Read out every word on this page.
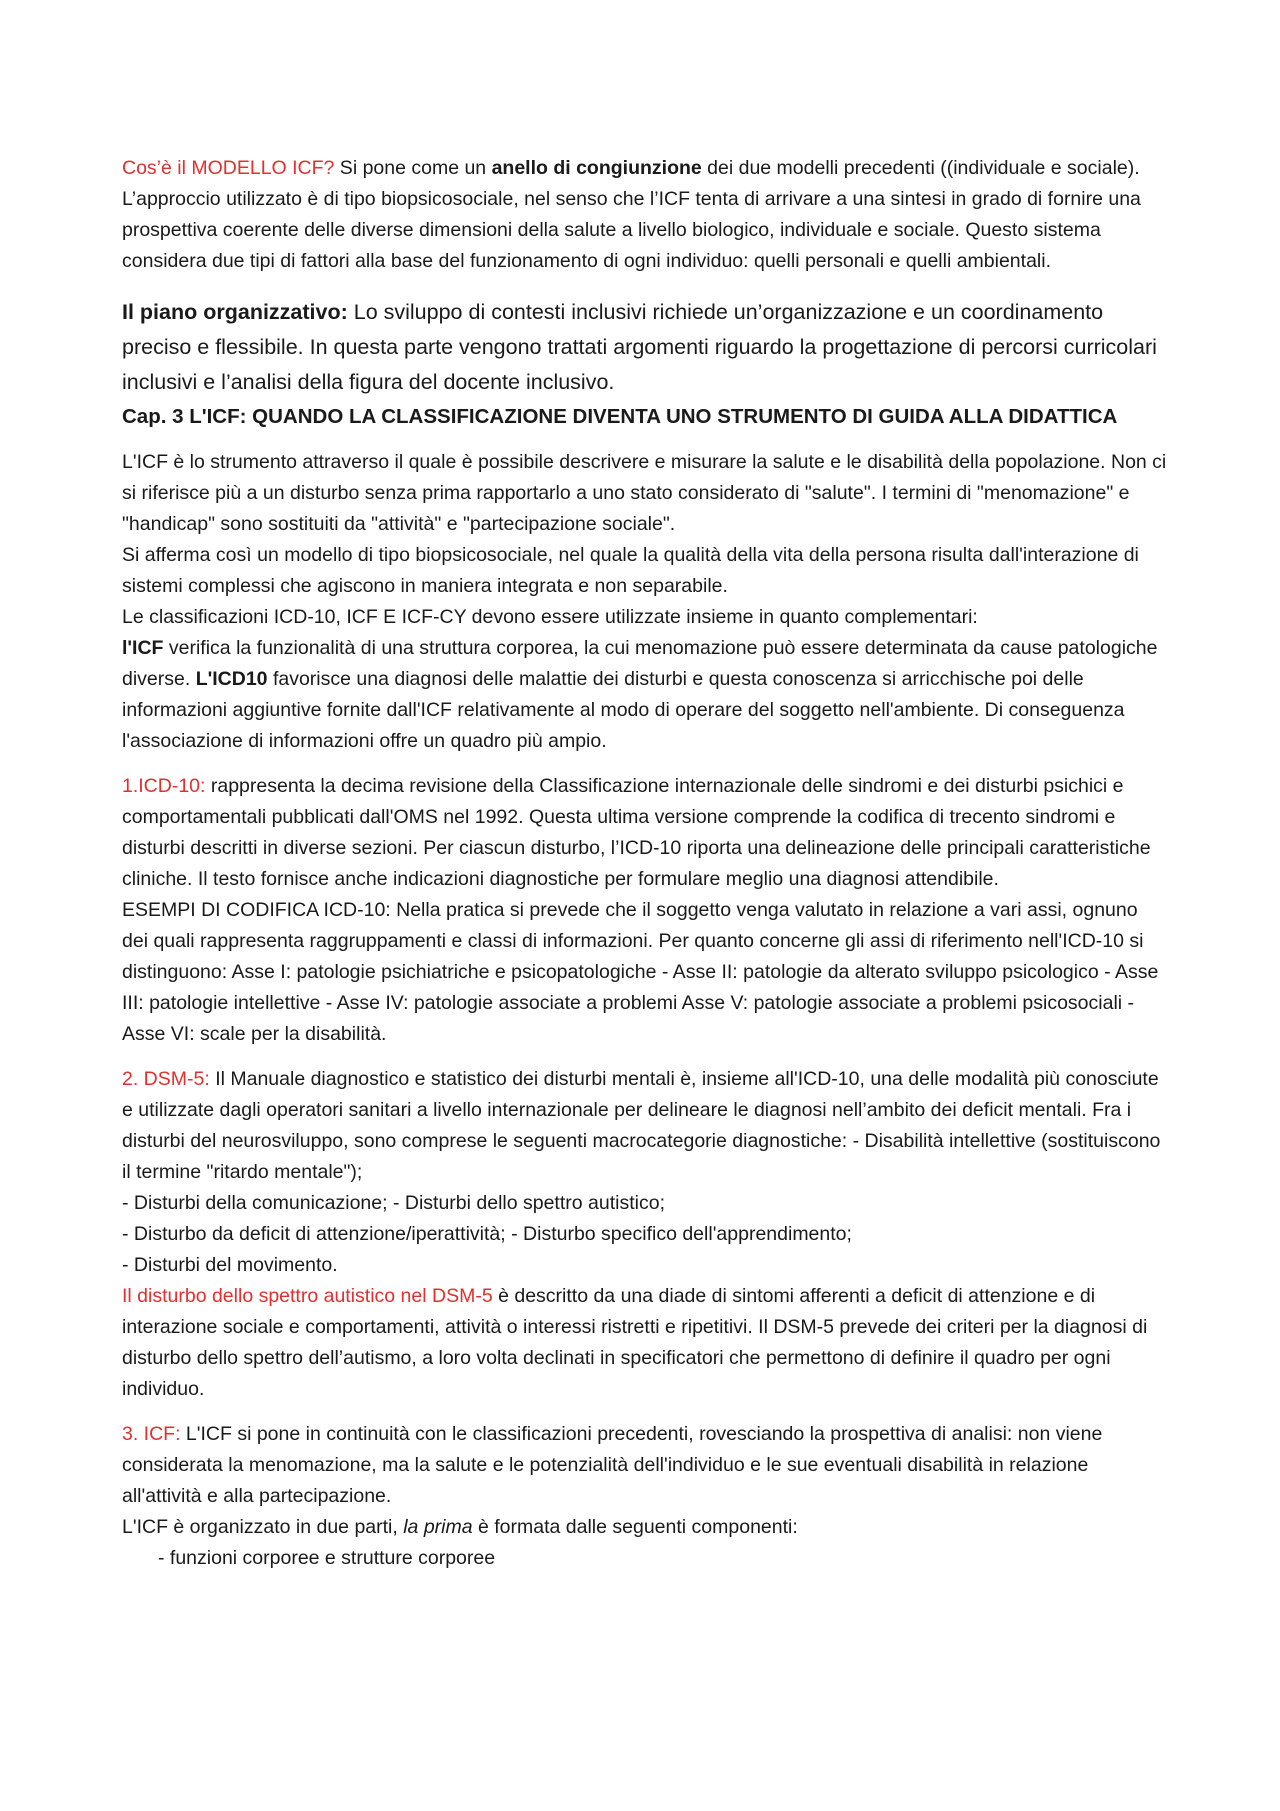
Cos’è il MODELLO ICF? Si pone come un anello di congiunzione dei due modelli precedenti ((individuale e sociale). L’approccio utilizzato è di tipo biopsicosociale, nel senso che l’ICF tenta di arrivare a una sintesi in grado di fornire una prospettiva coerente delle diverse dimensioni della salute a livello biologico, individuale e sociale. Questo sistema considera due tipi di fattori alla base del funzionamento di ogni individuo: quelli personali e quelli ambientali.

Il piano organizzativo: Lo sviluppo di contesti inclusivi richiede un’organizzazione e un coordinamento preciso e flessibile. In questa parte vengono trattati argomenti riguardo la progettazione di percorsi curricolari inclusivi e l’analisi della figura del docente inclusivo.

Cap. 3 L'ICF: QUANDO LA CLASSIFICAZIONE DIVENTA UNO STRUMENTO DI GUIDA ALLA DIDATTICA

L'ICF è lo strumento attraverso il quale è possibile descrivere e misurare la salute e le disabilità della popolazione. Non ci si riferisce più a un disturbo senza prima rapportarlo a uno stato considerato di "salute". I termini di "menomazione" e "handicap" sono sostituiti da "attività" e "partecipazione sociale".

Si afferma così un modello di tipo biopsicosociale, nel quale la qualità della vita della persona risulta dall'interazione di sistemi complessi che agiscono in maniera integrata e non separabile.

Le classificazioni ICD-10, ICF E ICF-CY devono essere utilizzate insieme in quanto complementari:

l'ICF verifica la funzionalità di una struttura corporea, la cui menomazione può essere determinata da cause patologiche diverse. L'ICD10 favorisce una diagnosi delle malattie dei disturbi e questa conoscenza si arricchische poi delle informazioni aggiuntive fornite dall'ICF relativamente al modo di operare del soggetto nell'ambiente. Di conseguenza l'associazione di informazioni offre un quadro più ampio.

1.ICD-10: rappresenta la decima revisione della Classificazione internazionale delle sindromi e dei disturbi psichici e comportamentali pubblicati dall'OMS nel 1992. Questa ultima versione comprende la codifica di trecento sindromi e disturbi descritti in diverse sezioni. Per ciascun disturbo, l’ICD-10 riporta una delineazione delle principali caratteristiche cliniche. Il testo fornisce anche indicazioni diagnostiche per formulare meglio una diagnosi attendibile.

ESEMPI DI CODIFICA ICD-10: Nella pratica si prevede che il soggetto venga valutato in relazione a vari assi, ognuno dei quali rappresenta raggruppamenti e classi di informazioni. Per quanto concerne gli assi di riferimento nell'ICD-10 si distinguono: Asse I: patologie psichiatriche e psicopatologiche - Asse II: patologie da alterato sviluppo psicologico - Asse III: patologie intellettive - Asse IV: patologie associate a problemi Asse V: patologie associate a problemi psicosociali - Asse VI: scale per la disabilità.

2. DSM-5: Il Manuale diagnostico e statistico dei disturbi mentali è, insieme all'ICD-10, una delle modalità più conosciute e utilizzate dagli operatori sanitari a livello internazionale per delineare le diagnosi nell’ambito dei deficit mentali. Fra i disturbi del neurosviluppo, sono comprese le seguenti macrocategorie diagnostiche: - Disabilità intellettive (sostituiscono il termine "ritardo mentale");

- Disturbi della comunicazione; - Disturbi dello spettro autistico;

- Disturbo da deficit di attenzione/iperattività; - Disturbo specifico dell'apprendimento;

- Disturbi del movimento.

Il disturbo dello spettro autistico nel DSM-5 è descritto da una diade di sintomi afferenti a deficit di attenzione e di interazione sociale e comportamenti, attività o interessi ristretti e ripetitivi. Il DSM-5 prevede dei criteri per la diagnosi di disturbo dello spettro dell’autismo, a loro volta declinati in specificatori che permettono di definire il quadro per ogni individuo.

3. ICF: L'ICF si pone in continuità con le classificazioni precedenti, rovesciando la prospettiva di analisi: non viene considerata la menomazione, ma la salute e le potenzialità dell'individuo e le sue eventuali disabilità in relazione all'attività e alla partecipazione.

L'ICF è organizzato in due parti, la prima è formata dalle seguenti componenti:

- funzioni corporee e strutture corporee
